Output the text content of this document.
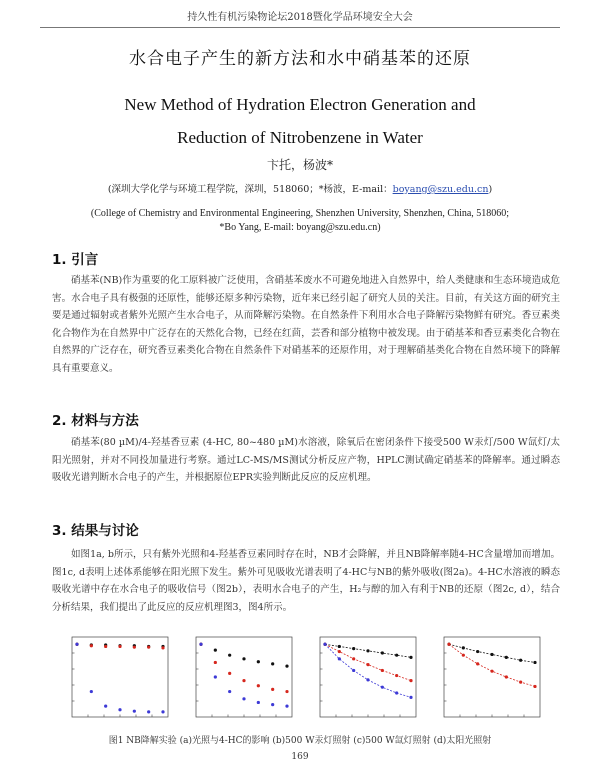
持久性有机污染物论坛2018暨化学品环境安全大会
水合电子产生的新方法和水中硝基苯的还原
New Method of Hydration Electron Generation and
Reduction of Nitrobenzene in Water
卞托，杨波*
(深圳大学化学与环境工程学院，深圳，518060；*杨波，E-mail：boyang@szu.edu.cn)
(College of Chemistry and Environmental Engineering, Shenzhen University, Shenzhen, China, 518060;
*Bo Yang, E-mail: boyang@szu.edu.cn)
1. 引言

硝基苯(NB)作为重要的化工原料被广泛使用，含硝基苯废水不可避免地进入自然界中，给人类健康和生态环境造成危害。水合电子具有极强的还原性，能够还原多种污染物，近年来已经引起了研究人员的关注。目前，有关这方面的研究主要是通过辐射或者紫外光照产生水合电子，从而降解污染物。在自然条件下利用水合电子降解污染物鲜有研究。香豆素类化合物作为在自然界中广泛存在的天然化合物，已经在红茴，芸香和部分植物中被发现。由于硝基苯和香豆素类化合物在自然界的广泛存在，研究香豆素类化合物在自然条件下对硝基苯的还原作用，对于理解硝基类化合物在自然环境下的降解具有重要意义。

2. 材料与方法

硝基苯(80 µM)/4-羟基香豆素 (4-HC, 80~480 µM)水溶液，除氧后在密闭条件下接受500 W汞灯/500 W氙灯/太阳光照射，并对不同投加量进行考察。通过LC-MS/MS测试分析反应产物，HPLC测试确定硝基苯的降解率。通过瞬态吸收光谱判断水合电子的产生，并根据原位EPR实验判断此反应的反应机理。

3. 结果与讨论

如图1a, b所示，只有紫外光照和4-羟基香豆素同时存在时，NB才会降解，并且NB降解率随4-HC含量增加而增加。图1c, d表明上述体系能够在阳光照下发生。紫外可见吸收光谱表明了4-HC与NB的紫外吸收(图2a)。4-HC水溶液的瞬态吸收光谱中存在水合电子的吸收信号（图2b），表明水合电子的产生，H₂与醇的加入有利于NB的还原（图2c, d），结合分析结果，我们提出了此反应的反应机理图3，图4所示。

图1 NB降解实验 (a)光照与4-HC的影响 (b)500 W汞灯照射 (c)500 W氙灯照射 (d)太阳光照射
169
